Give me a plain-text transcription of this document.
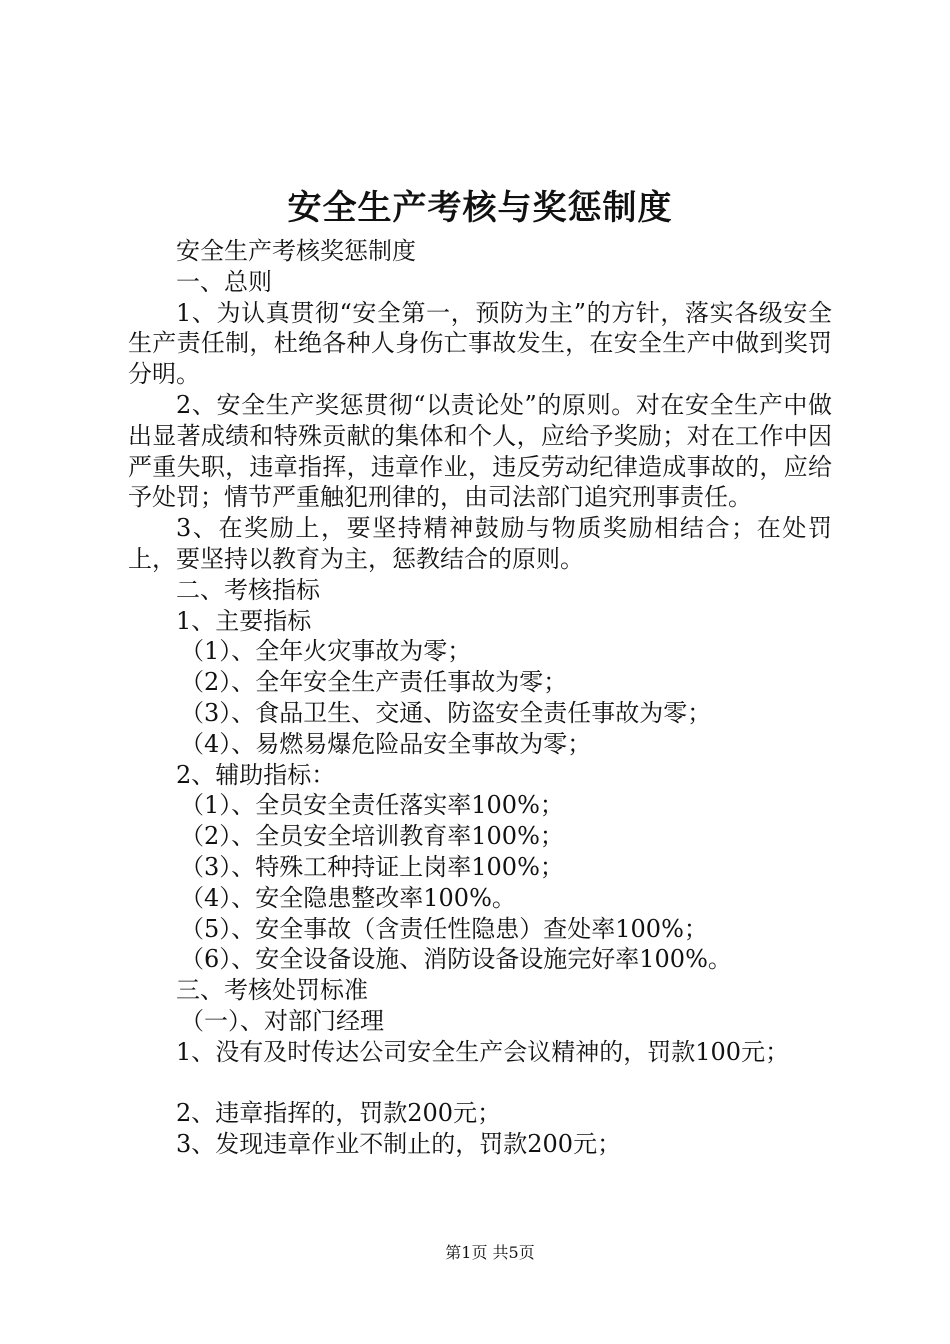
安全生产考核与奖惩制度

安全生产考核奖惩制度

一、总则

1、为认真贯彻“安全第一，预防为主”的方针，落实各级安全生产责任制，杜绝各种人身伤亡事故发生，在安全生产中做到奖罚分明。

2、安全生产奖惩贯彻“以责论处”的原则。对在安全生产中做出显著成绩和特殊贡献的集体和个人，应给予奖励；对在工作中因严重失职，违章指挥，违章作业，违反劳动纪律造成事故的，应给予处罚；情节严重触犯刑律的，由司法部门追究刑事责任。

3、在奖励上，要坚持精神鼓励与物质奖励相结合；在处罚上，要坚持以教育为主，惩教结合的原则。

二、考核指标

1、主要指标

（1）、全年火灾事故为零；

（2）、全年安全生产责任事故为零；

（3）、食品卫生、交通、防盗安全责任事故为零；

（4）、易燃易爆危险品安全事故为零；

2、辅助指标：

（1）、全员安全责任落实率100%；

（2）、全员安全培训教育率100%；

（3）、特殊工种持证上岗率100%；

（4）、安全隐患整改率100%。

（5）、安全事故（含责任性隐患）查处率100%；

（6）、安全设备设施、消防设备设施完好率100%。

三、考核处罚标准

（一）、对部门经理

1、没有及时传达公司安全生产会议精神的，罚款100元；

2、违章指挥的，罚款200元；

3、发现违章作业不制止的，罚款200元；

第1页 共5页
